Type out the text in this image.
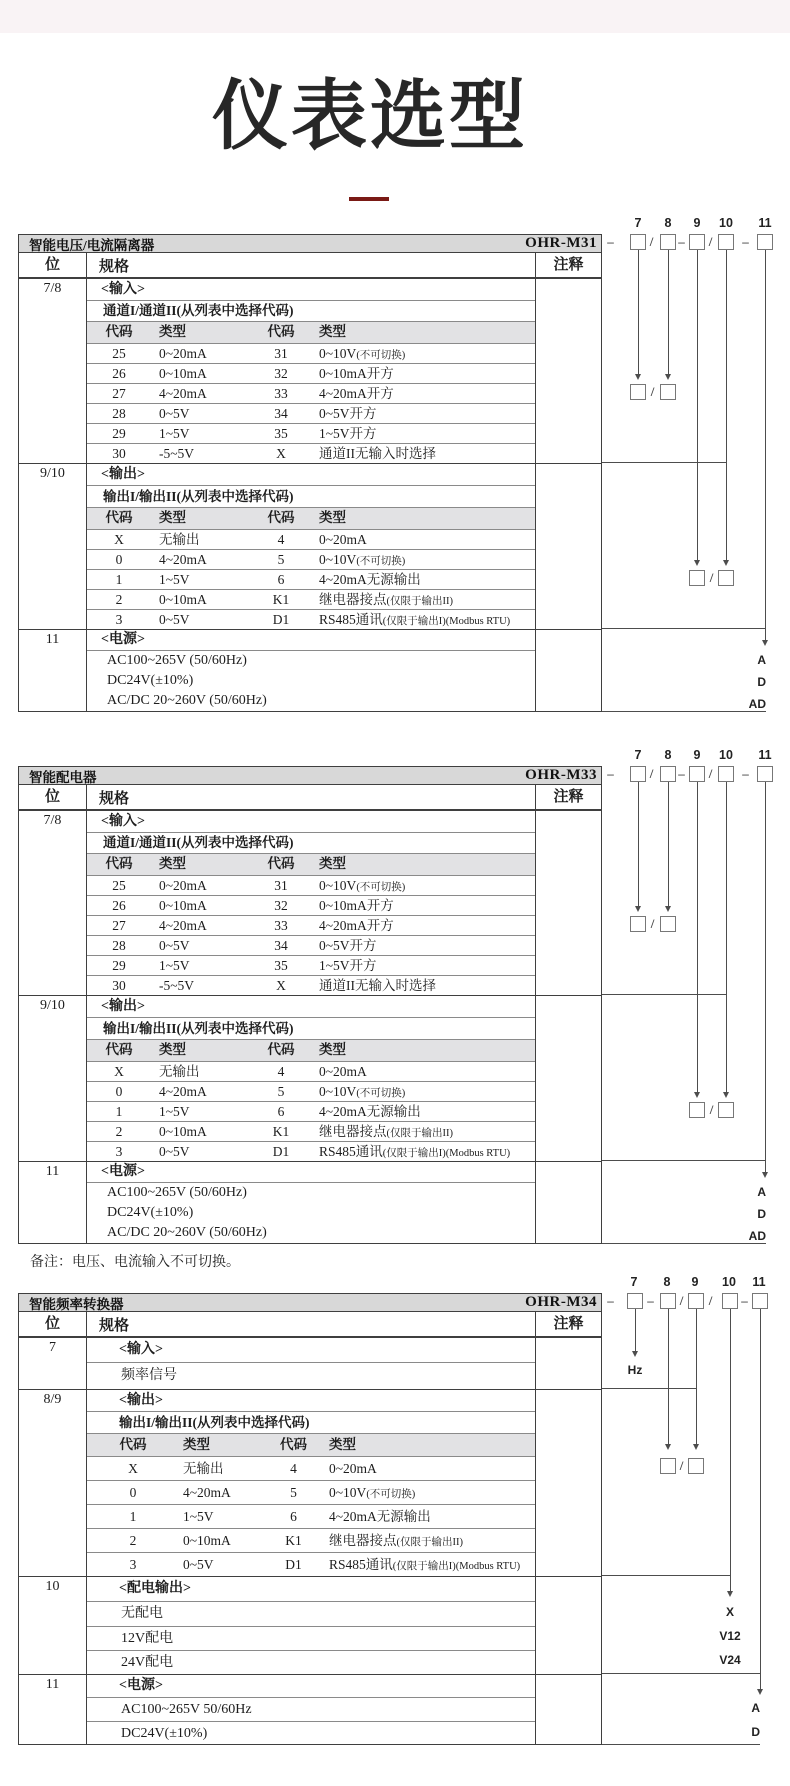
仪表选型
7	8	9	10 11
–	/	–	/	–
/
/
A
D
AD
智能电压/电流隔离器	OHR-M31
位	规格	注释
7/8	<输入>
通道I/通道II(从列表中选择代码)
代码	类型	代码	类型
25	0~20mA	31	0~10V(不可切换)
26	0~10mA	32	0~10mA开方
27	4~20mA	33	4~20mA开方
28	0~5V	34	0~5V开方
29	1~5V	35	1~5V开方
30	-5~5V	X	通道II无输入时选择
9/10	<输出>
输出I/输出II(从列表中选择代码)
代码	类型	代码	类型
X	无输出	4	0~20mA
0	4~20mA	5	0~10V(不可切换)
1	1~5V	6	4~20mA无源输出
2	0~10mA	K1	继电器接点(仅限于输出II)
3	0~5V	D1	RS485通讯(仅限于输出I)(Modbus RTU)
11	<电源>
AC100~265V (50/60Hz)
DC24V(±10%)
AC/DC 20~260V (50/60Hz)
7	8	9	10 11
–	/	–	/	–
/
/
A
D
AD
智能配电器	OHR-M33
位	规格	注释
7/8	<输入>
通道I/通道II(从列表中选择代码)
代码	类型	代码	类型
25	0~20mA	31	0~10V(不可切换)
26	0~10mA	32	0~10mA开方
27	4~20mA	33	4~20mA开方
28	0~5V	34	0~5V开方
29	1~5V	35	1~5V开方
30	-5~5V	X	通道II无输入时选择
9/10	<输出>
输出I/输出II(从列表中选择代码)
代码	类型	代码	类型
X	无输出	4	0~20mA
0	4~20mA	5	0~10V(不可切换)
1	1~5V	6	4~20mA无源输出
2	0~10mA	K1	继电器接点(仅限于输出II)
3	0~5V	D1	RS485通讯(仅限于输出I)(Modbus RTU)
11	<电源>
AC100~265V (50/60Hz)
DC24V(±10%)
AC/DC 20~260V (50/60Hz)
备注：电压、电流输入不可切换。
7	8	9	10 11
–	–	/	/	–
Hz
/
X
V12
V24
A
D
智能频率转换器	OHR-M34
位	规格	注释
7	<输入>
频率信号
8/9	<输出>
输出I/输出II(从列表中选择代码)
代码	类型	代码	类型
X	无输出	4	0~20mA
0	4~20mA	5	0~10V(不可切换)
1	1~5V	6	4~20mA无源输出
2	0~10mA	K1	继电器接点(仅限于输出II)
3	0~5V	D1	RS485通讯(仅限于输出I)(Modbus RTU)
10	<配电输出>
无配电
12V配电
24V配电
11	<电源>
AC100~265V 50/60Hz
DC24V(±10%)
